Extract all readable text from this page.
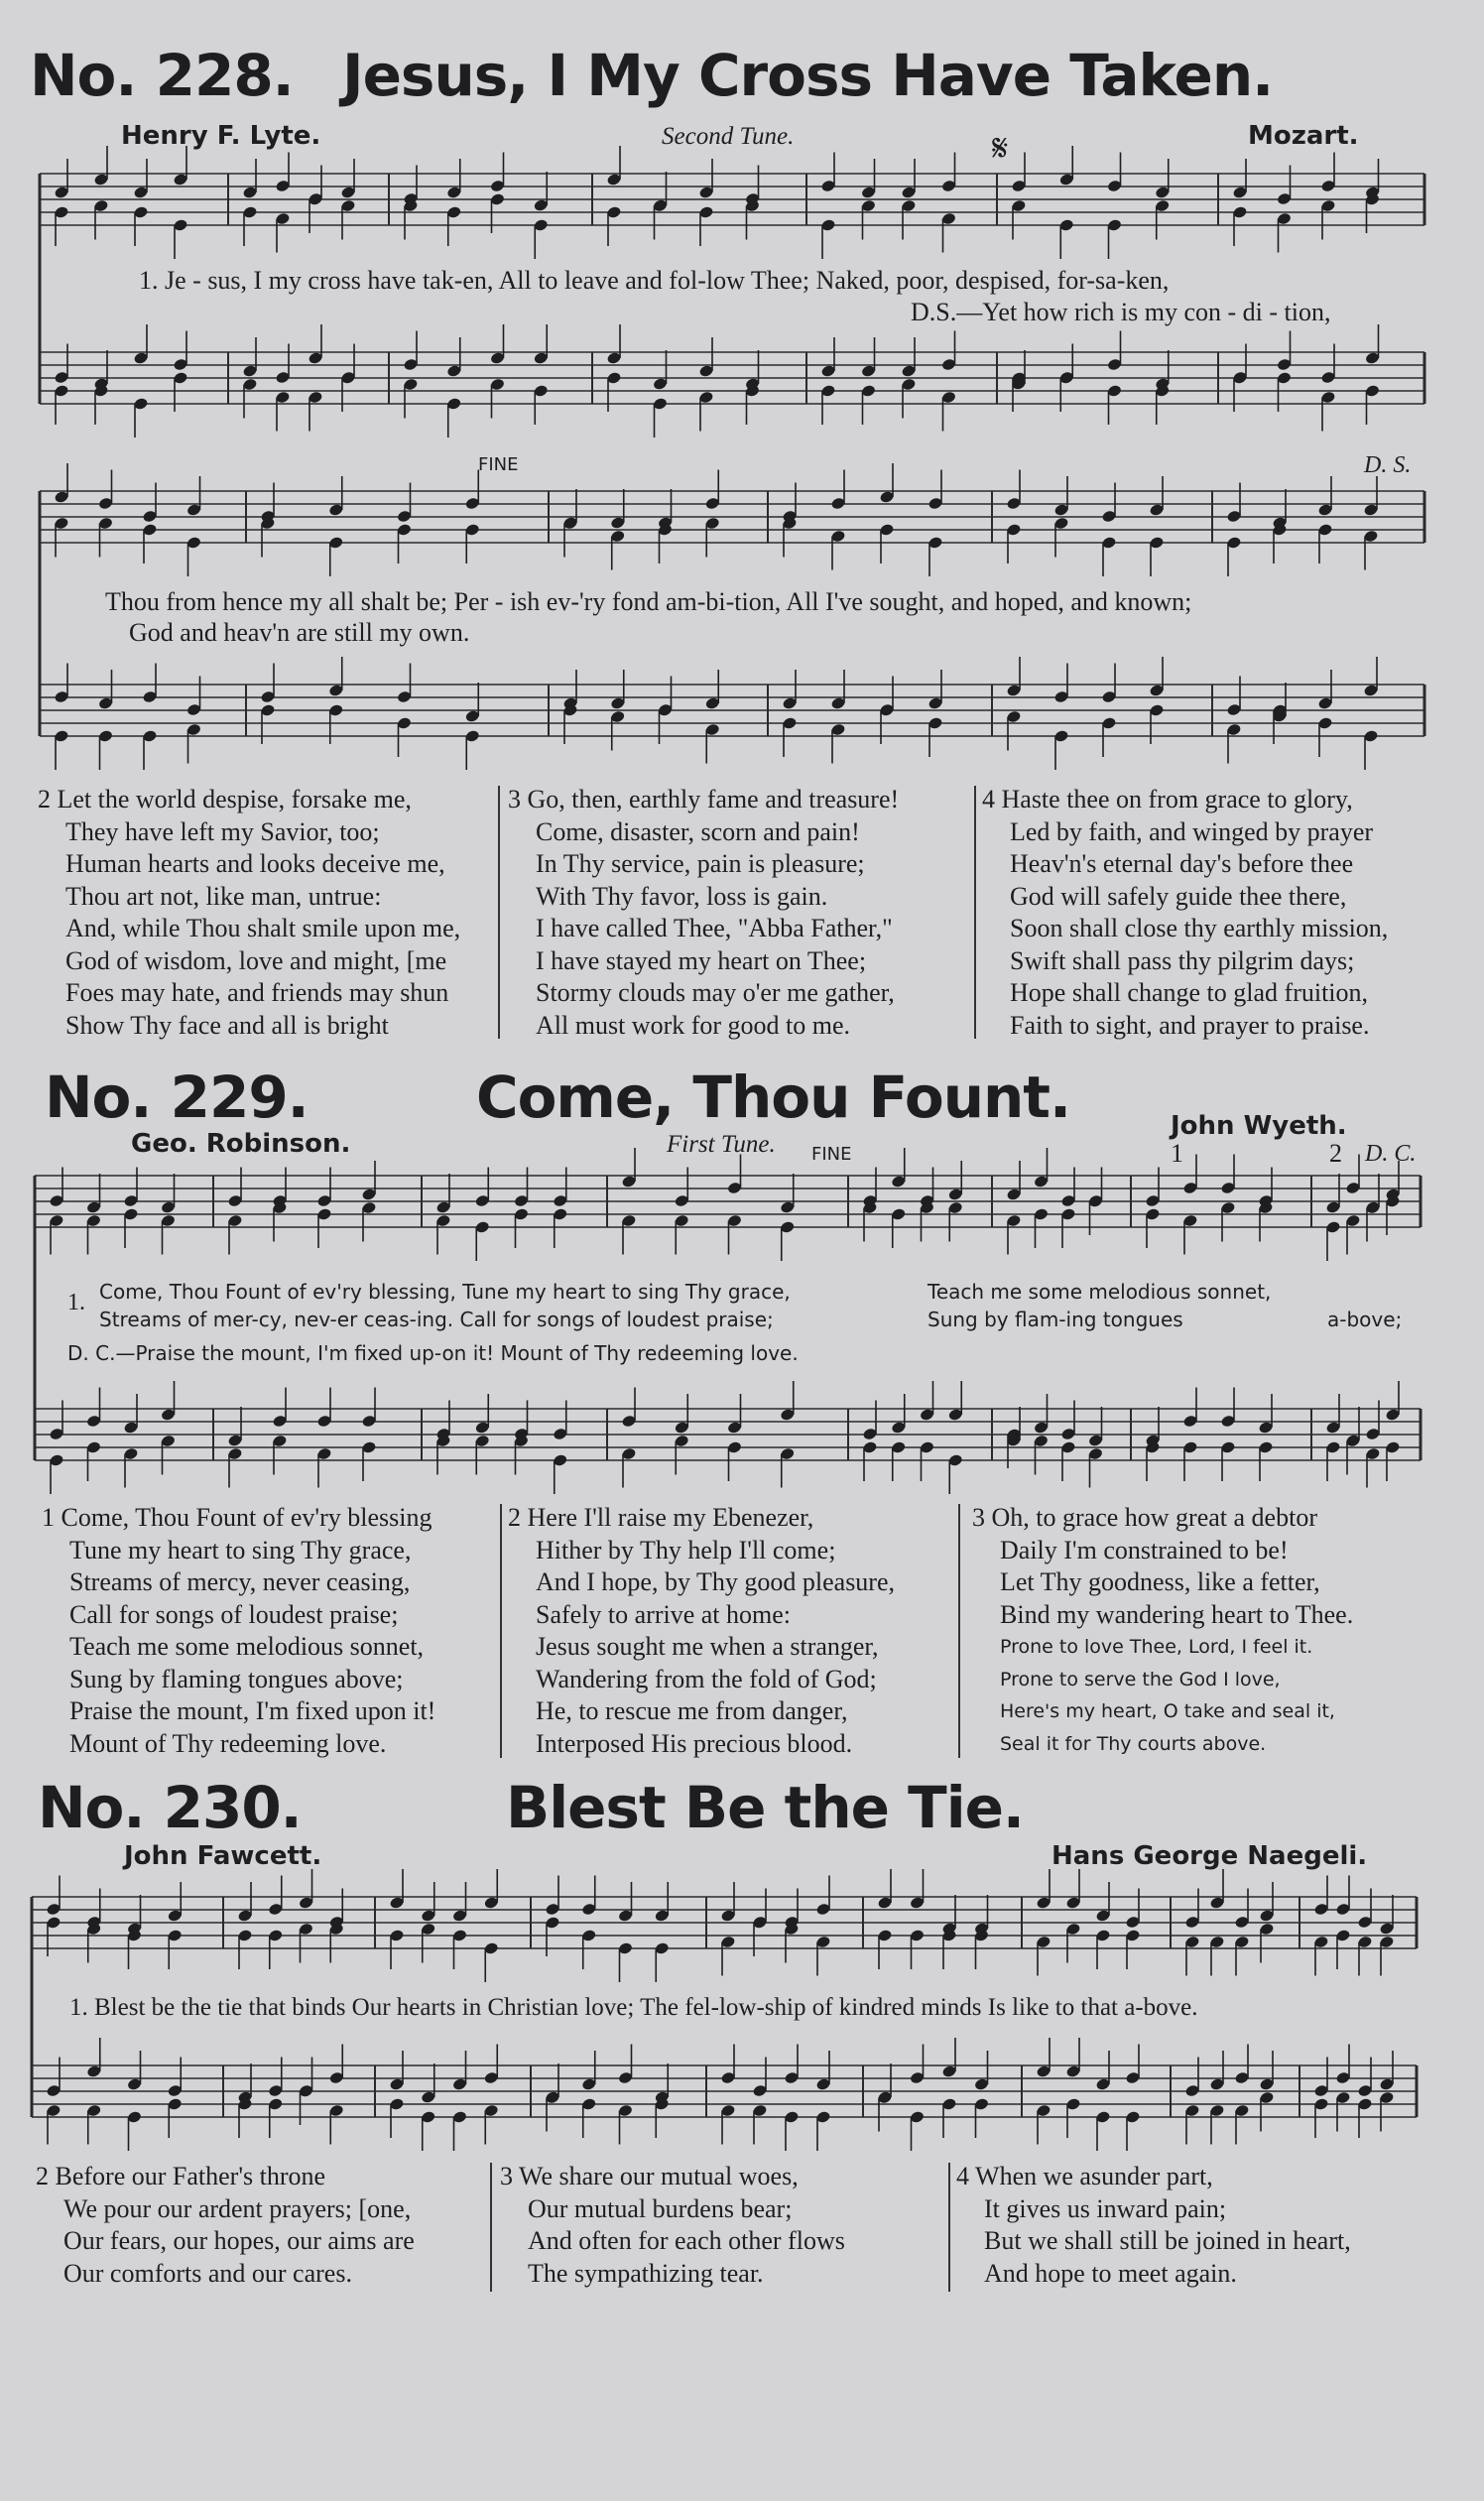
No. 228. Jesus, I My Cross Have Taken.
Henry F. Lyte.	Second Tune.	𝄋	Mozart.
1. Je - sus, I my cross have tak-en, All to leave and fol-low Thee; Naked, poor, despised, for-sa-ken,
D.S.—Yet how rich is my con - di - tion,
FINE	D. S.
Thou from hence my all shalt be; Per - ish ev-'ry fond am-bi-tion, All I've sought, and hoped, and known;
God and heav'n are still my own.
2 Let the world despise, forsake me,
They have left my Savior, too;
Human hearts and looks deceive me,
Thou art not, like man, untrue:
And, while Thou shalt smile upon me,
God of wisdom, love and might, [me
Foes may hate, and friends may shun
Show Thy face and all is bright
3 Go, then, earthly fame and treasure!
Come, disaster, scorn and pain!
In Thy service, pain is pleasure;
With Thy favor, loss is gain.
I have called Thee, "Abba Father,"
I have stayed my heart on Thee;
Stormy clouds may o'er me gather,
All must work for good to me.
4 Haste thee on from grace to glory,
Led by faith, and winged by prayer
Heav'n's eternal day's before thee
God will safely guide thee there,
Soon shall close thy earthly mission,
Swift shall pass thy pilgrim days;
Hope shall change to glad fruition,
Faith to sight, and prayer to praise.
No. 229.	Come, Thou Fount.
Geo. Robinson.	First Tune. FINE
John Wyeth.
1	2 D. C.
1. Come, Thou Fount of ev'ry blessing, Tune my heart to sing Thy grace,
Streams of mer-cy, nev-er ceas-ing. Call for songs of loudest praise;
Teach me some melodious sonnet,
Sung by flam-ing tongues	a-bove;
D. C.—Praise the mount, I'm fixed up-on it! Mount of Thy redeeming love.
1 Come, Thou Fount of ev'ry blessing
Tune my heart to sing Thy grace,
Streams of mercy, never ceasing,
Call for songs of loudest praise;
Teach me some melodious sonnet,
Sung by flaming tongues above;
Praise the mount, I'm fixed upon it!
Mount of Thy redeeming love.
2 Here I'll raise my Ebenezer,
Hither by Thy help I'll come;
And I hope, by Thy good pleasure,
Safely to arrive at home:
Jesus sought me when a stranger,
Wandering from the fold of God;
He, to rescue me from danger,
Interposed His precious blood.
3 Oh, to grace how great a debtor
Daily I'm constrained to be!
Let Thy goodness, like a fetter,
Bind my wandering heart to Thee.
Prone to love Thee, Lord, I feel it.
Prone to serve the God I love,
Here's my heart, O take and seal it,
Seal it for Thy courts above.
No. 230.	Blest Be the Tie.
John Fawcett.	Hans George Naegeli.
1. Blest be the tie that binds Our hearts in Christian love; The fel-low-ship of kindred minds Is like to that a-bove.
2 Before our Father's throne
We pour our ardent prayers; [one,
Our fears, our hopes, our aims are
Our comforts and our cares.
3 We share our mutual woes,
Our mutual burdens bear;
And often for each other flows
The sympathizing tear.
4 When we asunder part,
It gives us inward pain;
But we shall still be joined in heart,
And hope to meet again.
